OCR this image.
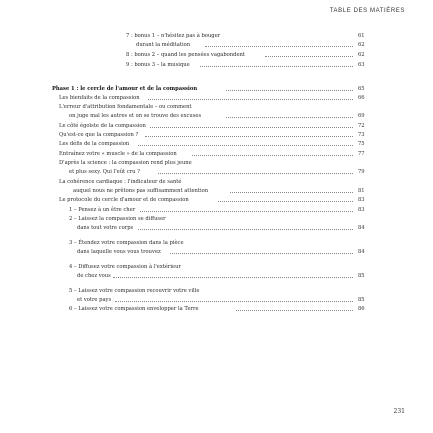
TABLE DES MATIÈRES
7 : bonus 1 – n'hésitez pas à bouger	61
durant la méditation	62
8 : bonus 2 – quand les pensées vagabondent	62
9 : bonus 3 – la musique	63
Phase 1 : le cercle de l'amour et de la compassion	65
Les bienfaits de la compassion	66
L'erreur d'attribution fondamentale – ou comment
on juge mal les autres et on se trouve des excuses	69
Le côté égoïste de la compassion	72
Qu'est-ce que la compassion ?	73
Les défis de la compassion	75
Entraînez votre « muscle » de la compassion	77
D'après la science : la compassion rend plus jeune
et plus sexy. Qui l'eût cru ?	79
La cohérence cardiaque : l'indicateur de santé
auquel nous ne prêtons pas suffisamment attention	81
Le protocole du cercle d'amour et de compassion	83
1 – Pensez à un être cher	83
2 – Laissez la compassion se diffuser
dans tout votre corps	84
3 – Étendez votre compassion dans la pièce
dans laquelle vous vous trouvez	84
4 – Diffusez votre compassion à l'extérieur
de chez vous	85
5 – Laissez votre compassion recouvrir votre ville
et votre pays	85
6 – Laissez votre compassion envelopper la Terre	86
231
